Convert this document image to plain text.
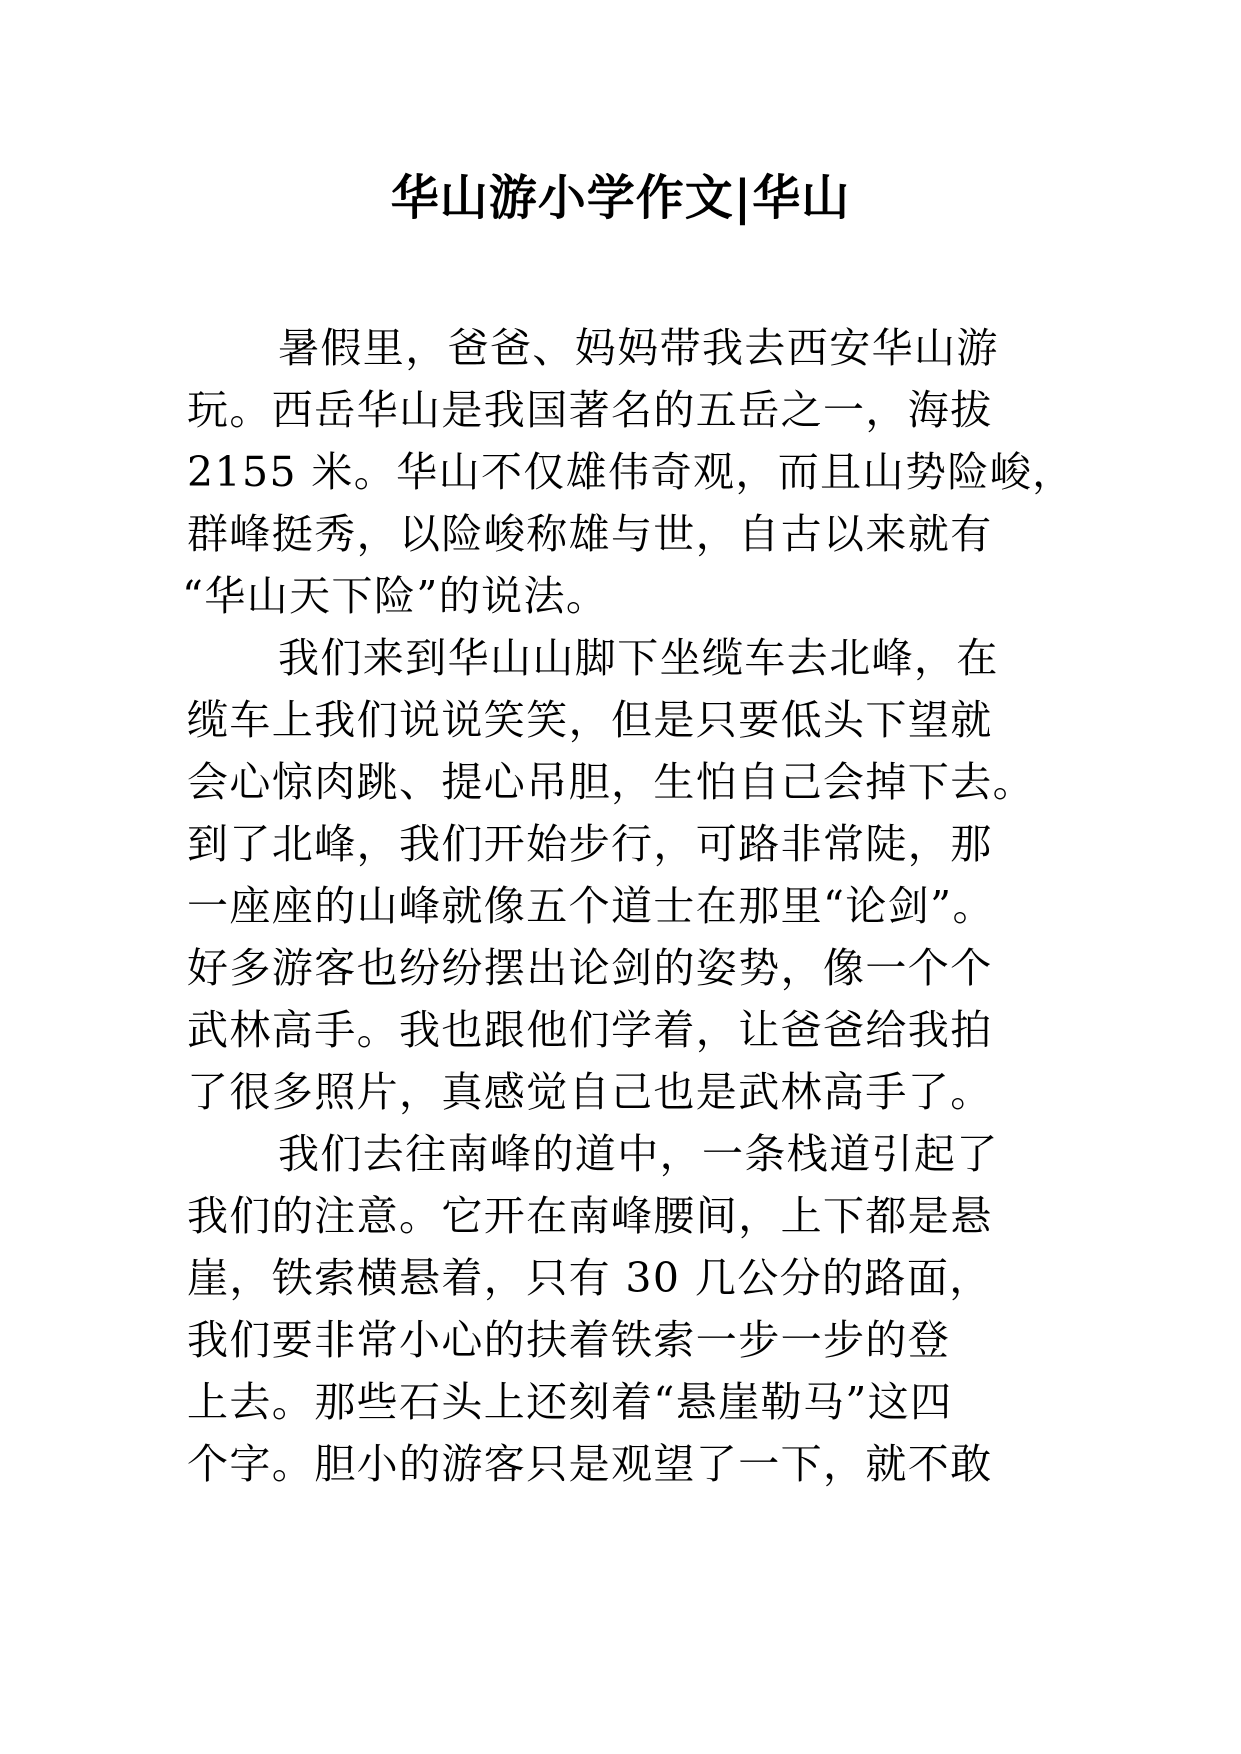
华山游小学作文|华山
暑假里，爸爸、妈妈带我去西安华山游
玩。西岳华山是我国著名的五岳之一，海拔
2155 米。华山不仅雄伟奇观，而且山势险峻，
群峰挺秀，以险峻称雄与世，自古以来就有
“华山天下险”的说法。
我们来到华山山脚下坐缆车去北峰，在
缆车上我们说说笑笑，但是只要低头下望就
会心惊肉跳、提心吊胆，生怕自己会掉下去。
到了北峰，我们开始步行，可路非常陡，那
一座座的山峰就像五个道士在那里“论剑”。
好多游客也纷纷摆出论剑的姿势，像一个个
武林高手。我也跟他们学着，让爸爸给我拍
了很多照片，真感觉自己也是武林高手了。
我们去往南峰的道中，一条栈道引起了
我们的注意。它开在南峰腰间，上下都是悬
崖，铁索横悬着，只有 30 几公分的路面，
我们要非常小心的扶着铁索一步一步的登
上去。那些石头上还刻着“悬崖勒马”这四
个字。胆小的游客只是观望了一下，就不敢
